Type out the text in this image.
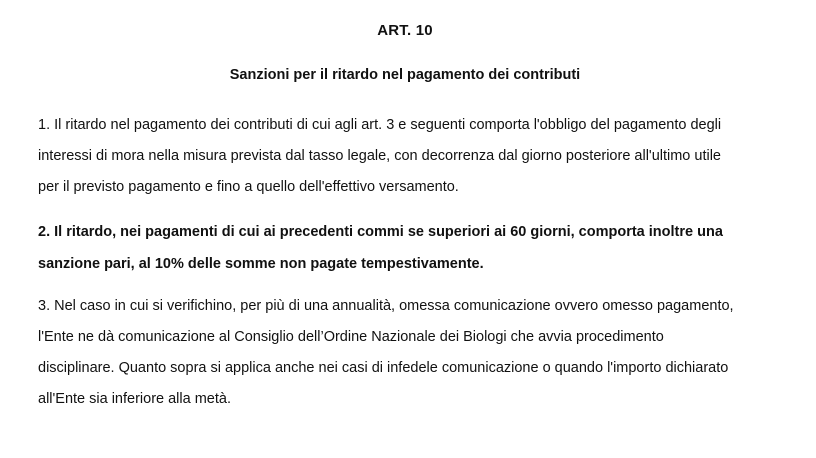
ART. 10
Sanzioni per il ritardo nel pagamento dei contributi

1. Il ritardo nel pagamento dei contributi di cui agli art. 3 e seguenti comporta l'obbligo del pagamento degli
interessi di mora nella misura prevista dal tasso legale, con decorrenza dal giorno posteriore all'ultimo utile
per il previsto pagamento e fino a quello dell'effettivo versamento.

2. Il ritardo, nei pagamenti di cui ai precedenti commi se superiori ai 60 giorni, comporta inoltre una
sanzione pari, al 10% delle somme non pagate tempestivamente.

3. Nel caso in cui si verifichino, per più di una annualità, omessa comunicazione ovvero omesso pagamento,
l'Ente ne dà comunicazione al Consiglio dell’Ordine Nazionale dei Biologi che avvia procedimento
disciplinare. Quanto sopra si applica anche nei casi di infedele comunicazione o quando l'importo dichiarato
all'Ente sia inferiore alla metà.
